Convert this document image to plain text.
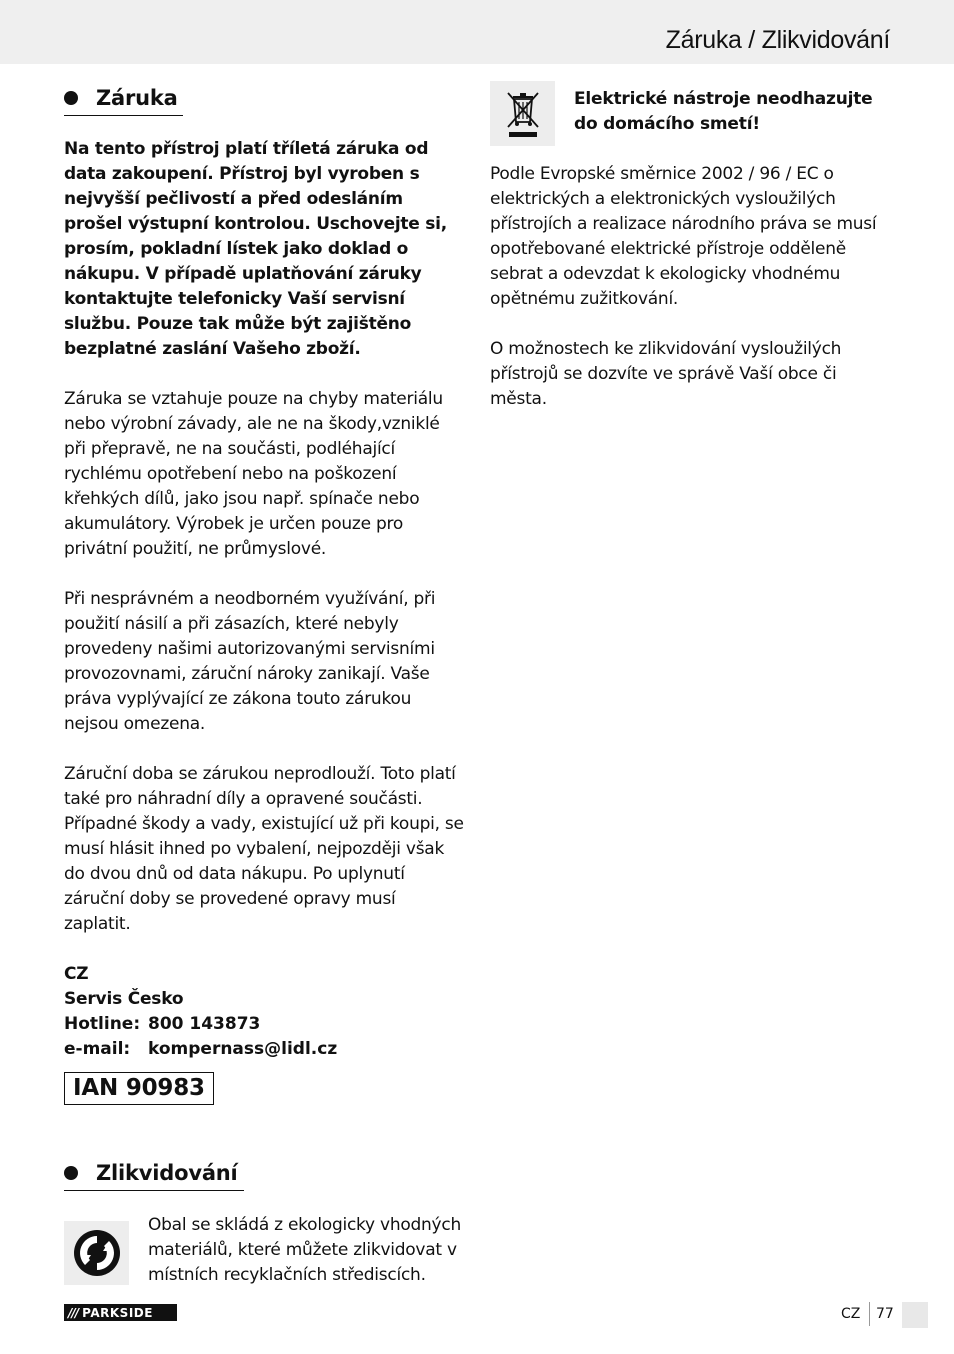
Záruka / Zlikvidování
Záruka

Na tento přístroj platí tříletá záruka od data zakoupení. Přístroj byl vyroben s nejvyšší pečlivostí a před odesláním prošel výstupní kontrolou. Uschovejte si, prosím, pokladní lístek jako doklad o nákupu. V případě uplatňování záruky kontaktujte telefonicky Vaší servisní službu. Pouze tak může být zajištěno bezplatné zaslání Vašeho zboží.

Záruka se vztahuje pouze na chyby materiálu nebo výrobní závady, ale ne na škody,vzniklé při přepravě, ne na součásti, podléhající rychlému opotřebení nebo na poškození křehkých dílů, jako jsou např. spínače nebo akumulátory. Výrobek je určen pouze pro privátní použití, ne průmyslové.

Při nesprávném a neodborném využívání, při použití násilí a při zásazích, které nebyly provedeny našimi autorizovanými servisními provozovnami, záruční nároky zanikají. Vaše práva vyplývající ze zákona touto zárukou nejsou omezena.

Záruční doba se zárukou neprodlouží. Toto platí také pro náhradní díly a opravené součásti. Případné škody a vady, existující už při koupi, se musí hlásit ihned po vybalení, nejpozději však do dvou dnů od data nákupu. Po uplynutí záruční doby se provedené opravy musí zaplatit.

CZ
Servis Česko
Hotline: 800 143873
e-mail:	kompernass@lidl.cz
IAN 90983
Zlikvidování

Obal se skládá z ekologicky vhodných materiálů, které můžete zlikvidovat v místních recyklačních střediscích.

Elektrické nástroje neodhazujte do domácího smetí!

Podle Evropské směrnice 2002 / 96 / EC o elektrických a elektronických vysloužilých přístrojích a realizace národního práva se musí opotřebované elektrické přístroje odděleně sebrat a odevzdat k ekologicky vhodnému opětnému zužitkování.

O možnostech ke zlikvidování vysloužilých přístrojů se dozvíte ve správě Vaší obce či města.

/// PARKSIDE	CZ 77
